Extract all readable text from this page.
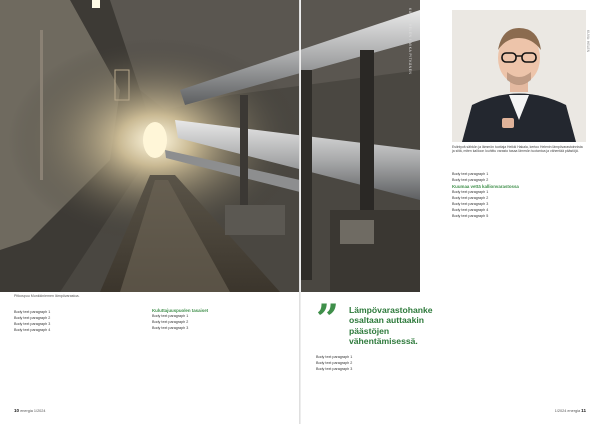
KUVAT: HELEN / MIKA PITKÄNEN
Pitkospuu Munkkiniemen lämpövarastoa.

Body text paragraph 1

Body text paragraph 2

Body text paragraph 3

Body text paragraph 4

Kuluttajuuspuolen tasaiset

Body text paragraph 1

Body text paragraph 2

Body text paragraph 3

KUVA: HELEN
Esiintyvä sähkön ja lämmön tuottaja Heikki Hakala, kertoo Helenin lämpövarastoinnista ja siitä, miten kallioon louhittu varasto tasaa lämmön tuotantoa ja vähentää päästöjä.

Body text paragraph 1

Body text paragraph 2

Kuumaa vettä kallionvarastossa

Body text paragraph 1

Body text paragraph 2

Body text paragraph 3

Body text paragraph 4

Body text paragraph 5

” Lämpövarastohanke osaltaan auttaakin päästöjen vähentämisessä.

Body text paragraph 1

Body text paragraph 2

Body text paragraph 3

10 energia 1/2024	1/2024 energia 11
